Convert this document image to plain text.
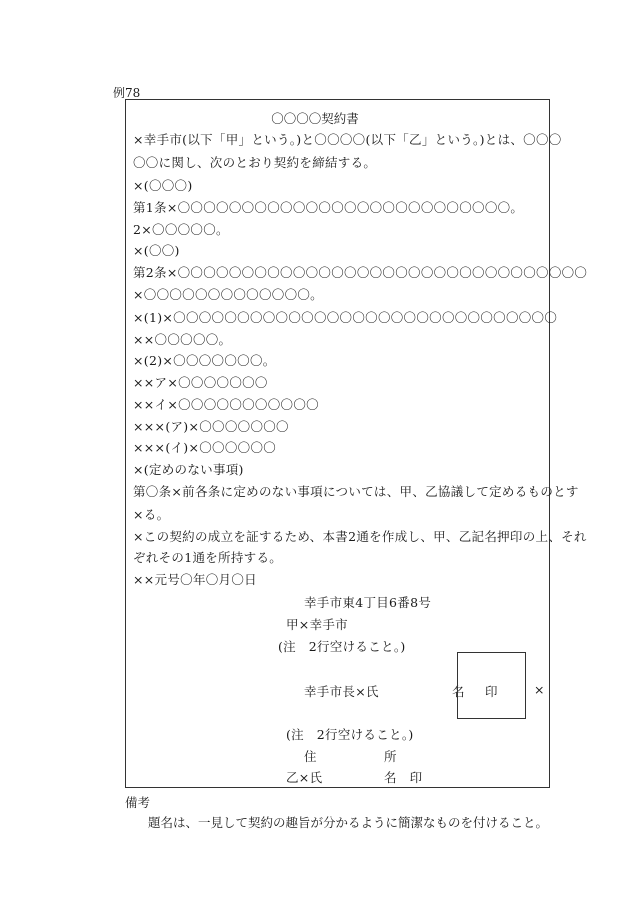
例78
〇〇〇〇契約書
×幸手市(以下「甲」という。)と〇〇〇〇(以下「乙」という。)とは、〇〇〇
〇〇に関し、次のとおり契約を締結する。
×(〇〇〇)
第1条×〇〇〇〇〇〇〇〇〇〇〇〇〇〇〇〇〇〇〇〇〇〇〇〇〇〇。
2×〇〇〇〇〇。
×(〇〇)
第2条×〇〇〇〇〇〇〇〇〇〇〇〇〇〇〇〇〇〇〇〇〇〇〇〇〇〇〇〇〇〇〇〇
×〇〇〇〇〇〇〇〇〇〇〇〇〇。
×(1)×〇〇〇〇〇〇〇〇〇〇〇〇〇〇〇〇〇〇〇〇〇〇〇〇〇〇〇〇〇〇
××〇〇〇〇〇。
×(2)×〇〇〇〇〇〇〇。
××ア×〇〇〇〇〇〇〇
××イ×〇〇〇〇〇〇〇〇〇〇〇
×××(ア)×〇〇〇〇〇〇〇
×××(イ)×〇〇〇〇〇〇
×(定めのない事項)
第〇条×前各条に定めのない事項については、甲、乙協議して定めるものとす
×る。
×この契約の成立を証するため、本書2通を作成し、甲、乙記名押印の上、それ
ぞれその1通を所持する。
××元号〇年〇月〇日
幸手市東4丁目6番8号
甲×幸手市
(注　2行空けること。)
幸手市長×氏	名 印	×
(注　2行空けること。)
住	所
乙×氏	名　印
備考
題名は、一見して契約の趣旨が分かるように簡潔なものを付けること。
